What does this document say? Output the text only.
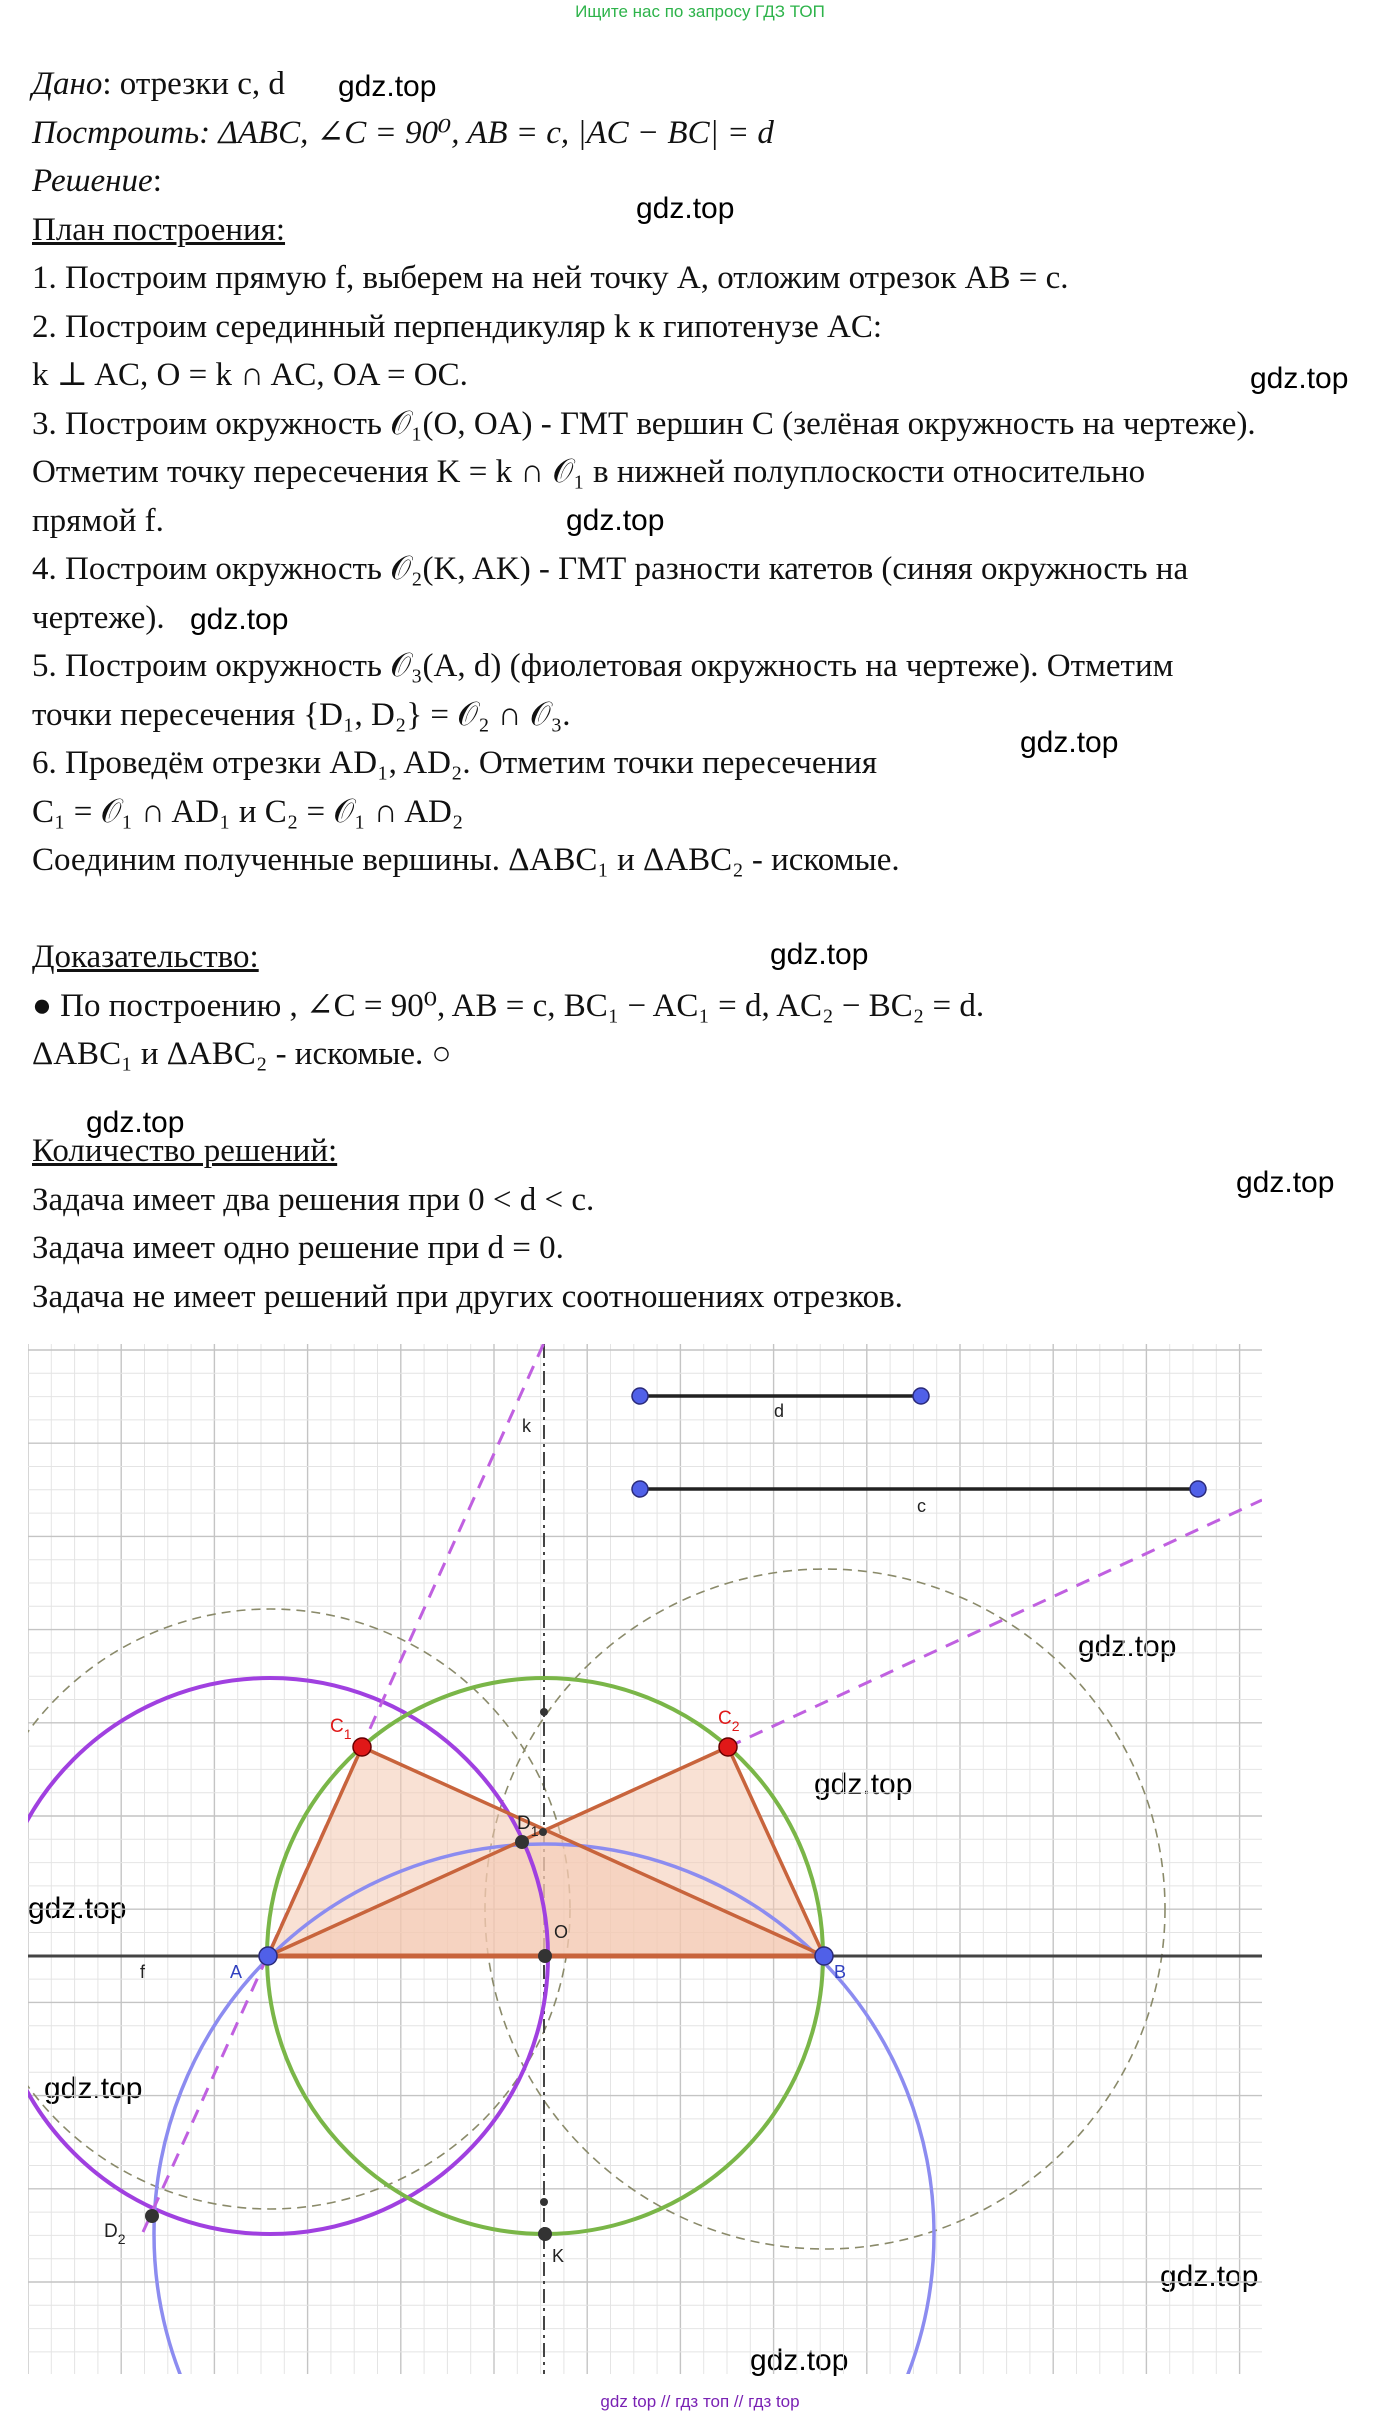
Ищите нас по запросу ГДЗ ТОП
Дано: отрезки c, d
Построить: ΔABC, ∠C = 90⁰, AB = c, |AC − BC| = d
Решение:
План построения:
1. Построим прямую f, выберем на ней точку A, отложим отрезок AB = c.
2. Построим серединный перпендикуляр k к гипотенузе AC:
k ⊥ AC, O = k ∩ AC, OA = OC.
3. Построим окружность 𝒪₁(O, OA) - ГМТ вершин C (зелёная окружность на чертеже).
Отметим точку пересечения K = k ∩ 𝒪₁ в нижней полуплоскости относительно
прямой f.
4. Построим окружность 𝒪₂(K, AK) - ГМТ разности катетов (синяя окружность на
чертеже).
5. Построим окружность 𝒪₃(A, d) (фиолетовая окружность на чертеже). Отметим
точки пересечения {D₁, D₂} = 𝒪₂ ∩ 𝒪₃.
6. Проведём отрезки AD₁, AD₂. Отметим точки пересечения
C₁ = 𝒪₁ ∩ AD₁ и C₂ = 𝒪₁ ∩ AD₂
Соединим полученные вершины. ΔABC₁ и ΔABC₂ - искомые.
Доказательство:
● По построению , ∠C = 90⁰, AB = c, BC₁ − AC₁ = d, AC₂ − BC₂ = d.
ΔABC₁ и ΔABC₂ - искомые. ○
Количество решений:
Задача имеет два решения при 0 < d < c.
Задача имеет одно решение при d = 0.
Задача не имеет решений при других соотношениях отрезков.
gdz.top
gdz.top
gdz.top
gdz.top
gdz.top
gdz.top
gdz.top
gdz.top
gdz.top
gdz.top
gdz.top
gdz.top
gdz.top
gdz.top
gdz.top
k
d
c
f	A	B
O
K
$C_1$
$C_2$
$D_1$
$D_2$
gdz top // гдз топ // гдз top
